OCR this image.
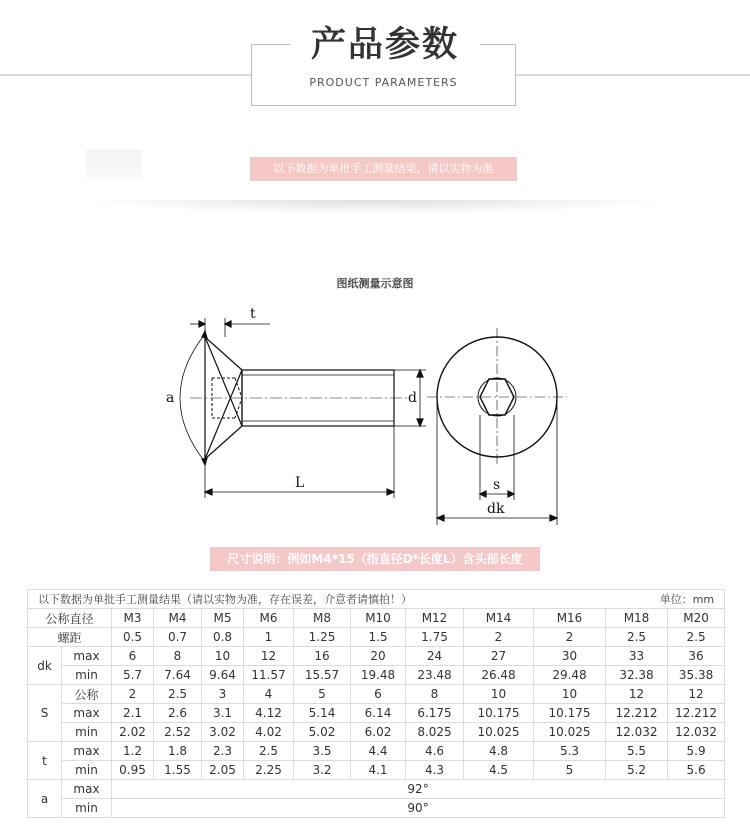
产品参数
PRODUCT PARAMETERS
以下数据为单批手工测量结果，请以实物为准
图纸测量示意图
t
a	d
L	s
dk
尺寸说明：例如M4*15（指直径D*长度L）含头部长度
单位：mm
以下数据为单批手工测量结果（请以实物为准，存在误差，介意者请慎拍！）												
公称直径		M3	M4	M5	M6	M8	M10	M12	M14	M16	M18	M20
螺距		0.5	0.7	0.8	1	1.25	1.5	1.75	2	2	2.5	2.5
dk	max	6	8	10	12	16	20	24	27	30	33	36
	min	5.7	7.64	9.64	11.57	15.57	19.48	23.48	26.48	29.48	32.38	35.38
S	公称	2	2.5	3	4	5	6	8	10	10	12	12
	max	2.1	2.6	3.1	4.12	5.14	6.14	6.175	10.175	10.175	12.212	12.212
	min	2.02	2.52	3.02	4.02	5.02	6.02	8.025	10.025	10.025	12.032	12.032
t	max	1.2	1.8	2.3	2.5	3.5	4.4	4.6	4.8	5.3	5.5	5.9
	min	0.95	1.55	2.05	2.25	3.2	4.1	4.3	4.5	5	5.2	5.6
a	max	92°										
	min	90°										
